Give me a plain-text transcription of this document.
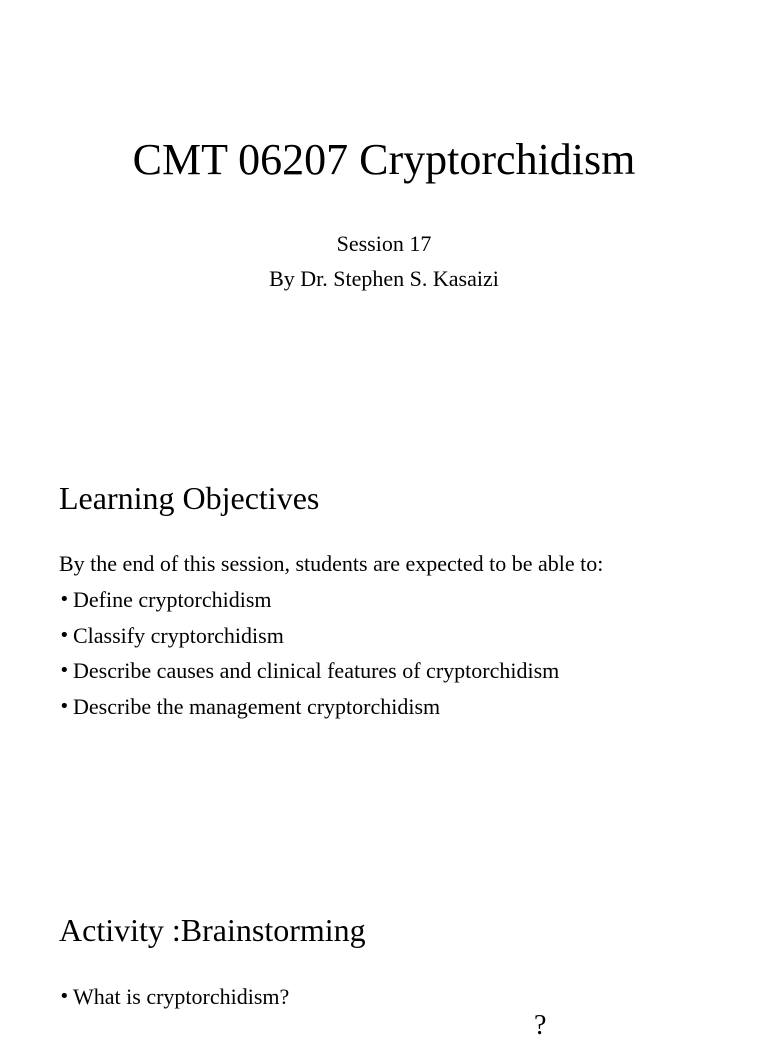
CMT 06207 Cryptorchidism

Session 17

By Dr. Stephen S. Kasaizi

Learning Objectives

By the end of this session, students are expected to be able to:

• Define cryptorchidism
• Classify cryptorchidism
• Describe causes and clinical features of cryptorchidism
• Describe the management cryptorchidism
Activity :Brainstorming
• What is cryptorchidism?
?
